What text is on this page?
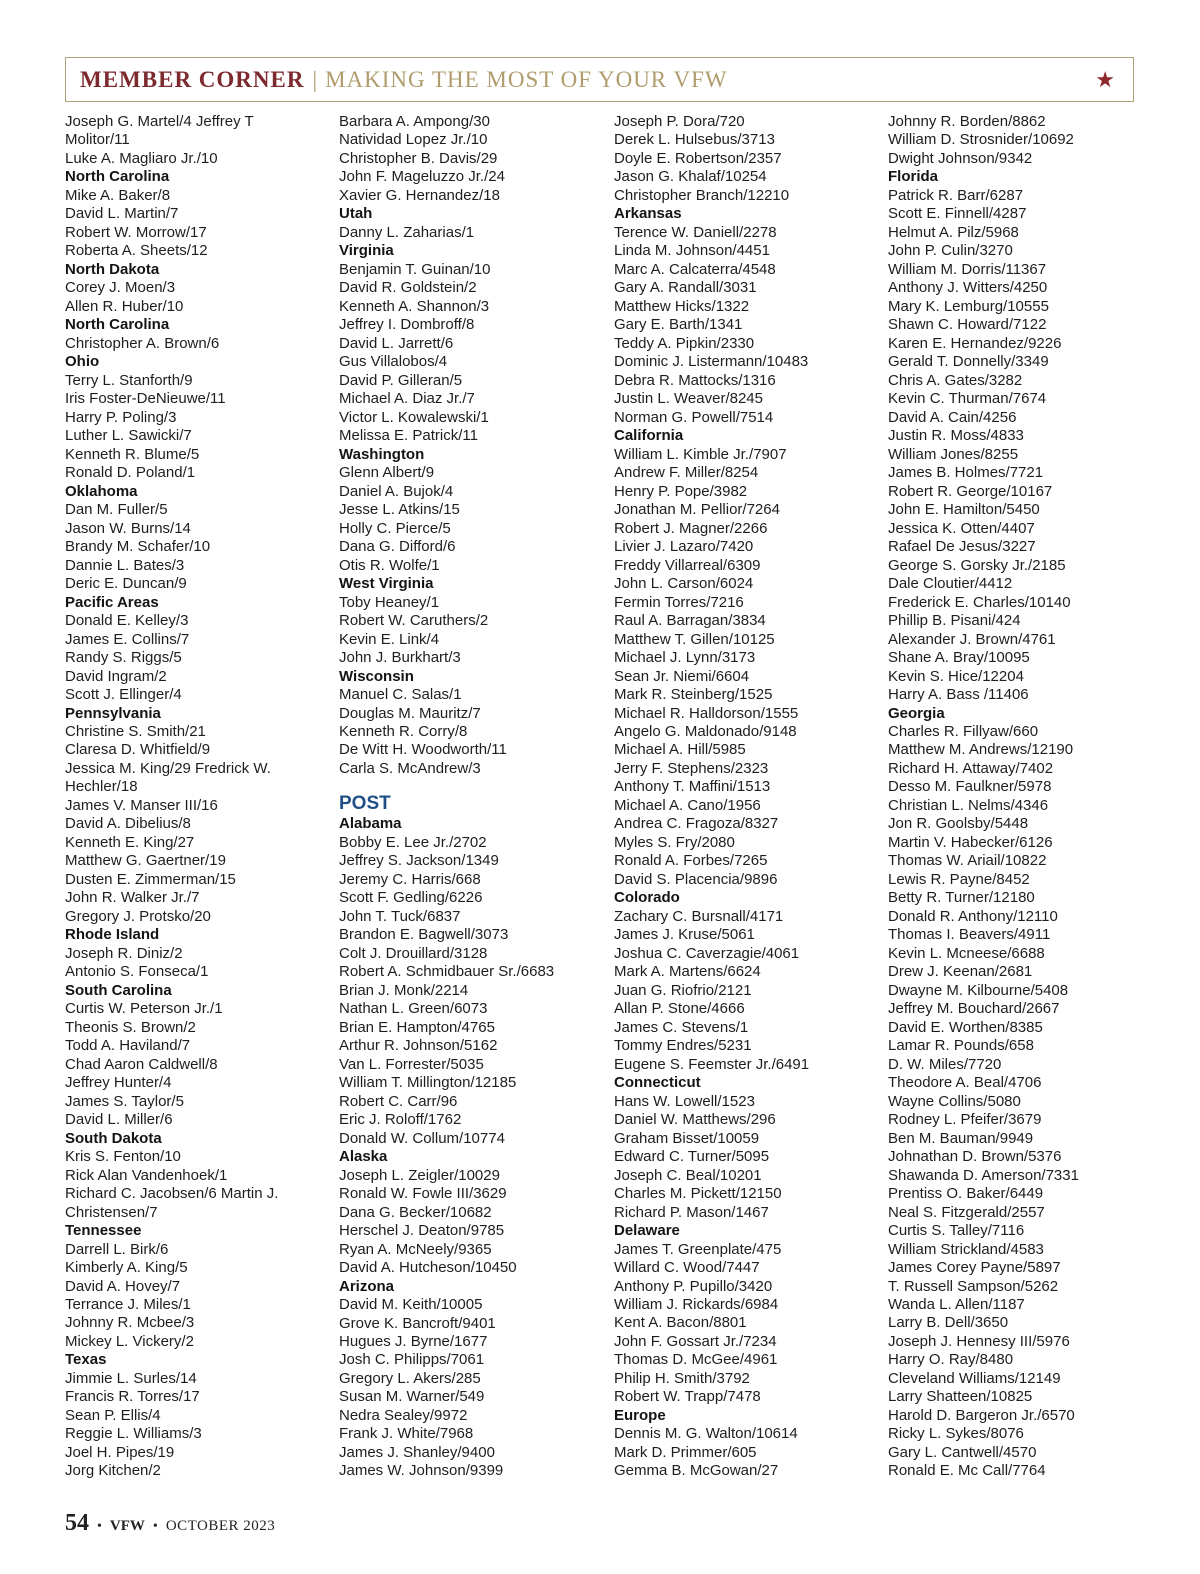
MEMBER CORNER | MAKING THE MOST OF YOUR VFW	★
Joseph G. Martel/4 Jeffrey T
Molitor/11
Luke A. Magliaro Jr./10
North Carolina
Mike A. Baker/8
David L. Martin/7
Robert W. Morrow/17
Roberta A. Sheets/12
North Dakota
Corey J. Moen/3
Allen R. Huber/10
North Carolina
Christopher A. Brown/6
Ohio
Terry L. Stanforth/9
Iris Foster-DeNieuwe/11
Harry P. Poling/3
Luther L. Sawicki/7
Kenneth R. Blume/5
Ronald D. Poland/1
Oklahoma
Dan M. Fuller/5
Jason W. Burns/14
Brandy M. Schafer/10
Dannie L. Bates/3
Deric E. Duncan/9
Pacific Areas
Donald E. Kelley/3
James E. Collins/7
Randy S. Riggs/5
David Ingram/2
Scott J. Ellinger/4
Pennsylvania
Christine S. Smith/21
Claresa D. Whitfield/9
Jessica M. King/29 Fredrick W.
Hechler/18
James V. Manser III/16
David A. Dibelius/8
Kenneth E. King/27
Matthew G. Gaertner/19
Dusten E. Zimmerman/15
John R. Walker Jr./7
Gregory J. Protsko/20
Rhode Island
Joseph R. Diniz/2
Antonio S. Fonseca/1
South Carolina
Curtis W. Peterson Jr./1
Theonis S. Brown/2
Todd A. Haviland/7
Chad Aaron Caldwell/8
Jeffrey Hunter/4
James S. Taylor/5
David L. Miller/6
South Dakota
Kris S. Fenton/10
Rick Alan Vandenhoek/1
Richard C. Jacobsen/6 Martin J.
Christensen/7
Tennessee
Darrell L. Birk/6
Kimberly A. King/5
David A. Hovey/7
Terrance J. Miles/1
Johnny R. Mcbee/3
Mickey L. Vickery/2
Texas
Jimmie L. Surles/14
Francis R. Torres/17
Sean P. Ellis/4
Reggie L. Williams/3
Joel H. Pipes/19
Jorg Kitchen/2
Barbara A. Ampong/30
Natividad Lopez Jr./10
Christopher B. Davis/29
John F. Mageluzzo Jr./24
Xavier G. Hernandez/18
Utah
Danny L. Zaharias/1
Virginia
Benjamin T. Guinan/10
David R. Goldstein/2
Kenneth A. Shannon/3
Jeffrey I. Dombroff/8
David L. Jarrett/6
Gus Villalobos/4
David P. Gilleran/5
Michael A. Diaz Jr./7
Victor L. Kowalewski/1
Melissa E. Patrick/11
Washington
Glenn Albert/9
Daniel A. Bujok/4
Jesse L. Atkins/15
Holly C. Pierce/5
Dana G. Difford/6
Otis R. Wolfe/1
West Virginia
Toby Heaney/1
Robert W. Caruthers/2
Kevin E. Link/4
John J. Burkhart/3
Wisconsin
Manuel C. Salas/1
Douglas M. Mauritz/7
Kenneth R. Corry/8
De Witt H. Woodworth/11
Carla S. McAndrew/3
POST
Alabama
Bobby E. Lee Jr./2702
Jeffrey S. Jackson/1349
Jeremy C. Harris/668
Scott F. Gedling/6226
John T. Tuck/6837
Brandon E. Bagwell/3073
Colt J. Drouillard/3128
Robert A. Schmidbauer Sr./6683
Brian J. Monk/2214
Nathan L. Green/6073
Brian E. Hampton/4765
Arthur R. Johnson/5162
Van L. Forrester/5035
William T. Millington/12185
Robert C. Carr/96
Eric J. Roloff/1762
Donald W. Collum/10774
Alaska
Joseph L. Zeigler/10029
Ronald W. Fowle III/3629
Dana G. Becker/10682
Herschel J. Deaton/9785
Ryan A. McNeely/9365
David A. Hutcheson/10450
Arizona
David M. Keith/10005
Grove K. Bancroft/9401
Hugues J. Byrne/1677
Josh C. Philipps/7061
Gregory L. Akers/285
Susan M. Warner/549
Nedra Sealey/9972
Frank J. White/7968
James J. Shanley/9400
James W. Johnson/9399
Joseph P. Dora/720
Derek L. Hulsebus/3713
Doyle E. Robertson/2357
Jason G. Khalaf/10254
Christopher Branch/12210
Arkansas
Terence W. Daniell/2278
Linda M. Johnson/4451
Marc A. Calcaterra/4548
Gary A. Randall/3031
Matthew Hicks/1322
Gary E. Barth/1341
Teddy A. Pipkin/2330
Dominic J. Listermann/10483
Debra R. Mattocks/1316
Justin L. Weaver/8245
Norman G. Powell/7514
California
William L. Kimble Jr./7907
Andrew F. Miller/8254
Henry P. Pope/3982
Jonathan M. Pellior/7264
Robert J. Magner/2266
Livier J. Lazaro/7420
Freddy Villarreal/6309
John L. Carson/6024
Fermin Torres/7216
Raul A. Barragan/3834
Matthew T. Gillen/10125
Michael J. Lynn/3173
Sean Jr. Niemi/6604
Mark R. Steinberg/1525
Michael R. Halldorson/1555
Angelo G. Maldonado/9148
Michael A. Hill/5985
Jerry F. Stephens/2323
Anthony T. Maffini/1513
Michael A. Cano/1956
Andrea C. Fragoza/8327
Myles S. Fry/2080
Ronald A. Forbes/7265
David S. Placencia/9896
Colorado
Zachary C. Bursnall/4171
James J. Kruse/5061
Joshua C. Caverzagie/4061
Mark A. Martens/6624
Juan G. Riofrio/2121
Allan P. Stone/4666
James C. Stevens/1
Tommy Endres/5231
Eugene S. Feemster Jr./6491
Connecticut
Hans W. Lowell/1523
Daniel W. Matthews/296
Graham Bisset/10059
Edward C. Turner/5095
Joseph C. Beal/10201
Charles M. Pickett/12150
Richard P. Mason/1467
Delaware
James T. Greenplate/475
Willard C. Wood/7447
Anthony P. Pupillo/3420
William J. Rickards/6984
Kent A. Bacon/8801
John F. Gossart Jr./7234
Thomas D. McGee/4961
Philip H. Smith/3792
Robert W. Trapp/7478
Europe
Dennis M. G. Walton/10614
Mark D. Primmer/605
Gemma B. McGowan/27
Johnny R. Borden/8862
William D. Strosnider/10692
Dwight Johnson/9342
Florida
Patrick R. Barr/6287
Scott E. Finnell/4287
Helmut A. Pilz/5968
John P. Culin/3270
William M. Dorris/11367
Anthony J. Witters/4250
Mary K. Lemburg/10555
Shawn C. Howard/7122
Karen E. Hernandez/9226
Gerald T. Donnelly/3349
Chris A. Gates/3282
Kevin C. Thurman/7674
David A. Cain/4256
Justin R. Moss/4833
William Jones/8255
James B. Holmes/7721
Robert R. George/10167
John E. Hamilton/5450
Jessica K. Otten/4407
Rafael De Jesus/3227
George S. Gorsky Jr./2185
Dale Cloutier/4412
Frederick E. Charles/10140
Phillip B. Pisani/424
Alexander J. Brown/4761
Shane A. Bray/10095
Kevin S. Hice/12204
Harry A. Bass /11406
Georgia
Charles R. Fillyaw/660
Matthew M. Andrews/12190
Richard H. Attaway/7402
Desso M. Faulkner/5978
Christian L. Nelms/4346
Jon R. Goolsby/5448
Martin V. Habecker/6126
Thomas W. Ariail/10822
Lewis R. Payne/8452
Betty R. Turner/12180
Donald R. Anthony/12110
Thomas I. Beavers/4911
Kevin L. Mcneese/6688
Drew J. Keenan/2681
Dwayne M. Kilbourne/5408
Jeffrey M. Bouchard/2667
David E. Worthen/8385
Lamar R. Pounds/658
D. W. Miles/7720
Theodore A. Beal/4706
Wayne Collins/5080
Rodney L. Pfeifer/3679
Ben M. Bauman/9949
Johnathan D. Brown/5376
Shawanda D. Amerson/7331
Prentiss O. Baker/6449
Neal S. Fitzgerald/2557
Curtis S. Talley/7116
William Strickland/4583
James Corey Payne/5897
T. Russell Sampson/5262
Wanda L. Allen/1187
Larry B. Dell/3650
Joseph J. Hennesy III/5976
Harry O. Ray/8480
Cleveland Williams/12149
Larry Shatteen/10825
Harold D. Bargeron Jr./6570
Ricky L. Sykes/8076
Gary L. Cantwell/4570
Ronald E. Mc Call/7764
54 • VFW • OCTOBER 2023
